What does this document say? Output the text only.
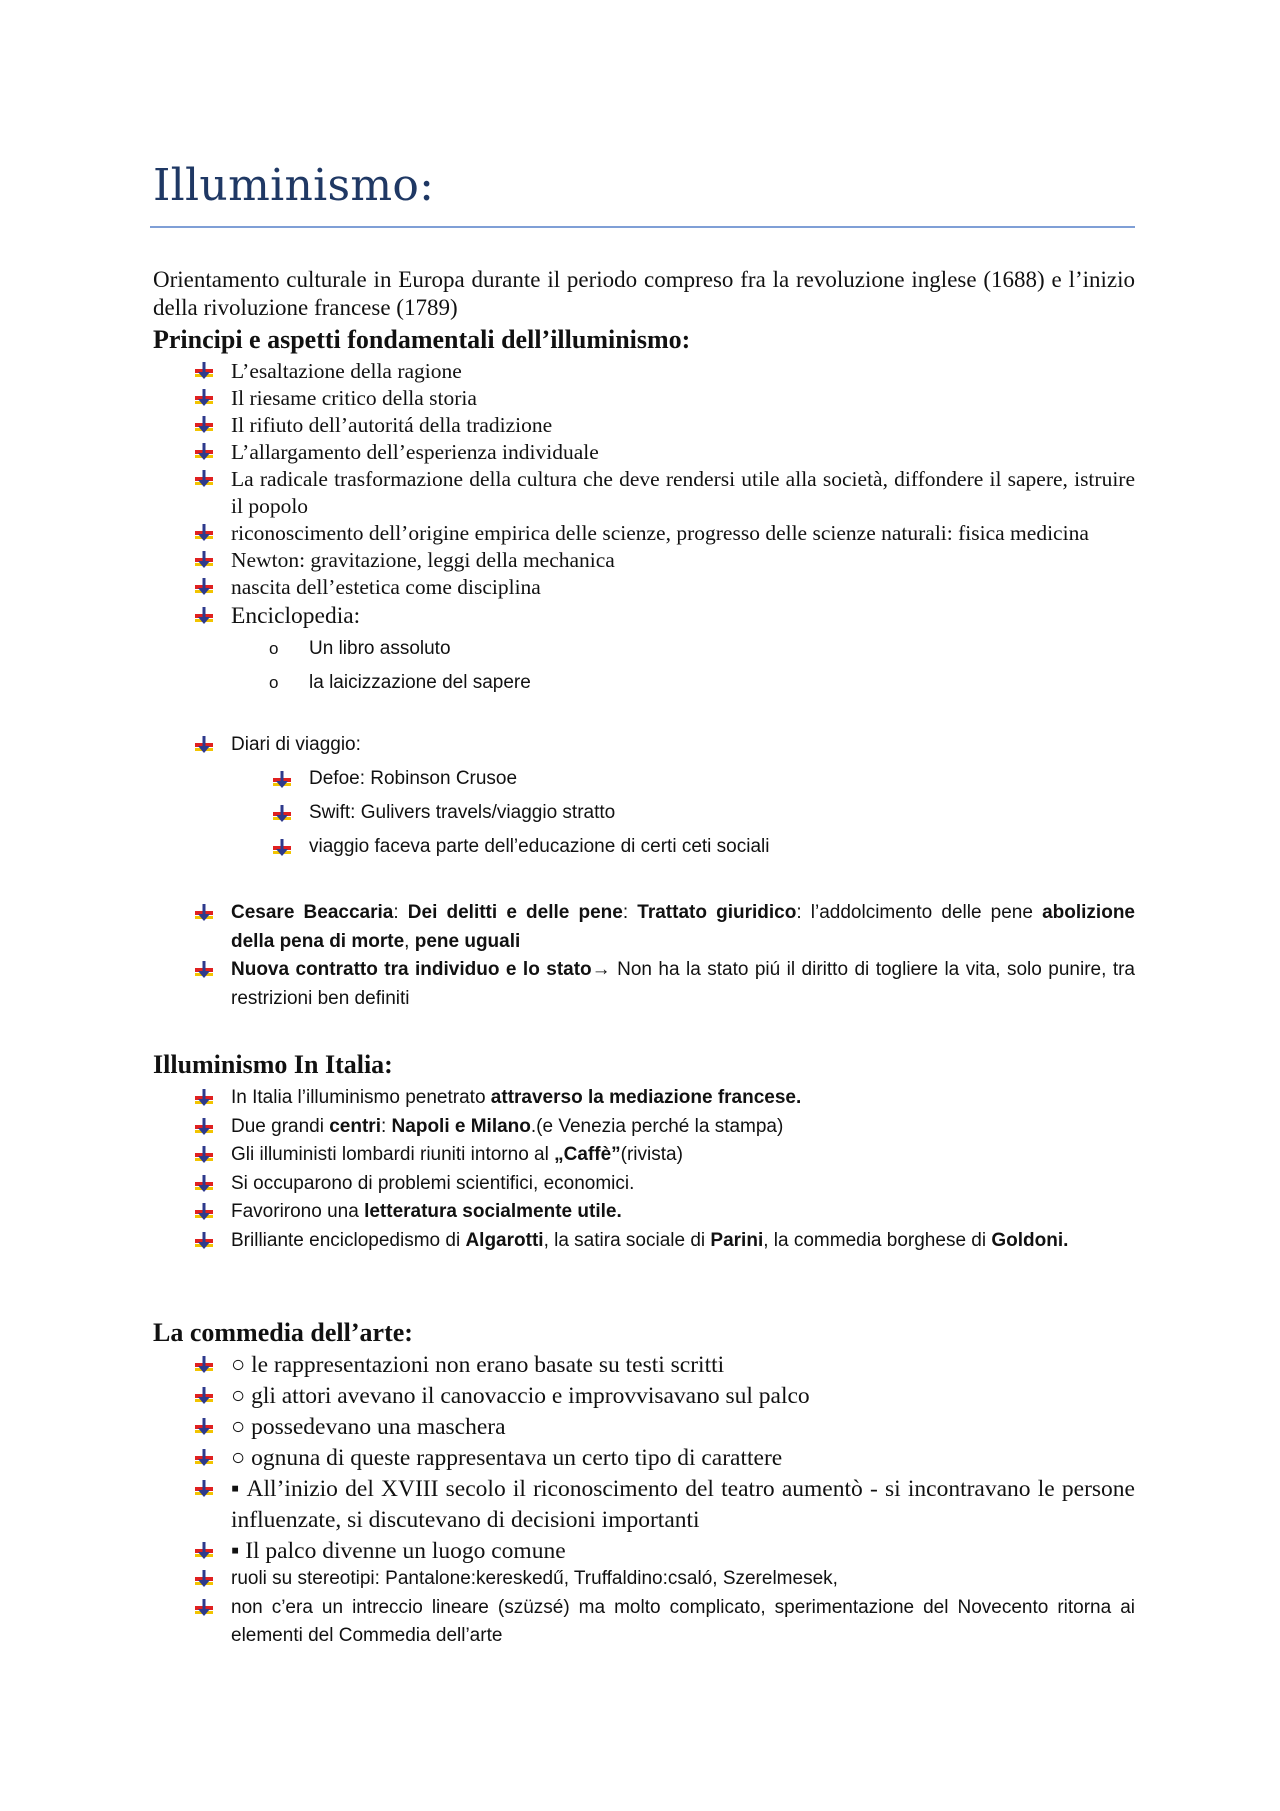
Illuminismo:

Orientamento culturale in Europa durante il periodo compreso fra la revoluzione inglese (1688) e l’inizio della rivoluzione francese (1789)

Principi e aspetti fondamentali dell’illuminismo:
L’esaltazione della ragione
Il riesame critico della storia
Il rifiuto dell’autoritá della tradizione
L’allargamento dell’esperienza individuale
La radicale trasformazione della cultura che deve rendersi utile alla società, diffondere il sapere, istruire il popolo
riconoscimento dell’origine empirica delle scienze, progresso delle scienze naturali: fisica medicina
Newton: gravitazione, leggi della mechanica
nascita dell’estetica come disciplina
Enciclopedia:
o Un libro assoluto
o la laicizzazione del sapere
Diari di viaggio:
Defoe: Robinson Crusoe
Swift: Gulivers travels/viaggio stratto
viaggio faceva parte dell’educazione di certi ceti sociali
Cesare Beaccaria: Dei delitti e delle pene: Trattato giuridico: l’addolcimento delle pene abolizione della pena di morte, pene uguali
Nuova contratto tra individuo e lo stato→ Non ha la stato piú il diritto di togliere la vita, solo punire, tra restrizioni ben definiti
Illuminismo In Italia:
In Italia l’illuminismo penetrato attraverso la mediazione francese.
Due grandi centri: Napoli e Milano.(e Venezia perché la stampa)
Gli illuministi lombardi riuniti intorno al „Caffè”(rivista)
Si occuparono di problemi scientifici, economici.
Favorirono una letteratura socialmente utile.
Brilliante enciclopedismo di Algarotti, la satira sociale di Parini, la commedia borghese di Goldoni.
La commedia dell’arte:
○ le rappresentazioni non erano basate su testi scritti
○ gli attori avevano il canovaccio e improvvisavano sul palco
○ possedevano una maschera
○ ognuna di queste rappresentava un certo tipo di carattere
▪ All’inizio del XVIII secolo il riconoscimento del teatro aumentò - si incontravano le persone influenzate, si discutevano di decisioni importanti
▪ Il palco divenne un luogo comune
ruoli su stereotipi: Pantalone:kereskedű, Truffaldino:csaló, Szerelmesek,
non c’era un intreccio lineare (szüzsé) ma molto complicato, sperimentazione del Novecento ritorna ai elementi del Commedia dell’arte
